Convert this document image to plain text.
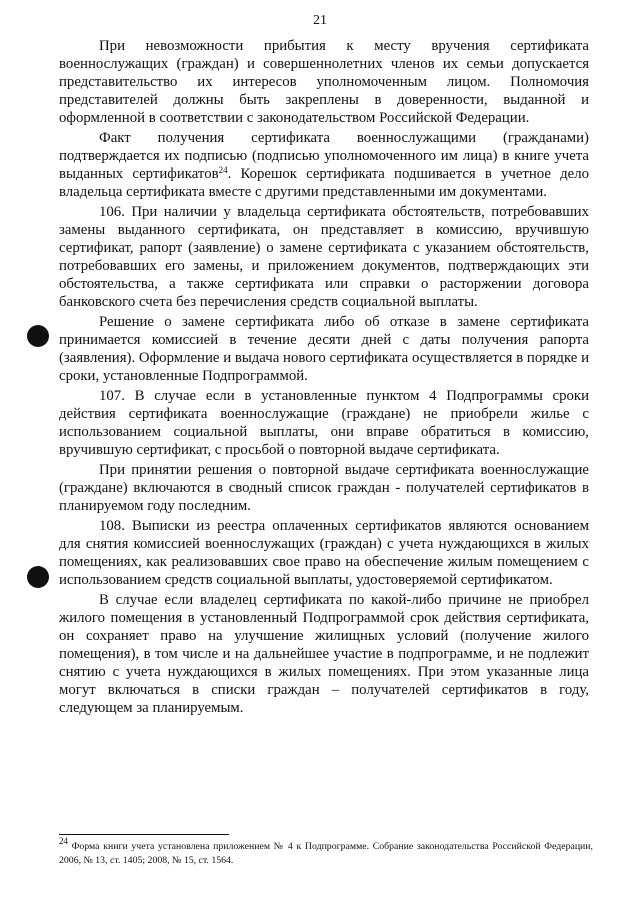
21

При невозможности прибытия к месту вручения сертификата военнослужащих (граждан) и совершеннолетних членов их семьи допускается представительство их интересов уполномоченным лицом. Полномочия представителей должны быть закреплены в доверенности, выданной и оформленной в соответствии с законодательством Российской Федерации.

Факт получения сертификата военнослужащими (гражданами) подтверждается их подписью (подписью уполномоченного им лица) в книге учета выданных сертификатов$^{24}$. Корешок сертификата подшивается в учетное дело владельца сертификата вместе с другими представленными им документами.

106. При наличии у владельца сертификата обстоятельств, потребовавших замены выданного сертификата, он представляет в комиссию, вручившую сертификат, рапорт (заявление) о замене сертификата с указанием обстоятельств, потребовавших его замены, и приложением документов, подтверждающих эти обстоятельства, а также сертификата или справки о расторжении договора банковского счета без перечисления средств социальной выплаты.

Решение о замене сертификата либо об отказе в замене сертификата принимается комиссией в течение десяти дней с даты получения рапорта (заявления). Оформление и выдача нового сертификата осуществляется в порядке и сроки, установленные Подпрограммой.

107. В случае если в установленные пунктом 4 Подпрограммы сроки действия сертификата военнослужащие (граждане) не приобрели жилье с использованием социальной выплаты, они вправе обратиться в комиссию, вручившую сертификат, с просьбой о повторной выдаче сертификата.

При принятии решения о повторной выдаче сертификата военнослужащие (граждане) включаются в сводный список граждан - получателей сертификатов в планируемом году последним.

108. Выписки из реестра оплаченных сертификатов являются основанием для снятия комиссией военнослужащих (граждан) с учета нуждающихся в жилых помещениях, как реализовавших свое право на обеспечение жилым помещением с использованием средств социальной выплаты, удостоверяемой сертификатом.

В случае если владелец сертификата по какой-либо причине не приобрел жилого помещения в установленный Подпрограммой срок действия сертификата, он сохраняет право на улучшение жилищных условий (получение жилого помещения), в том числе и на дальнейшее участие в подпрограмме, и не подлежит снятию с учета нуждающихся в жилых помещениях. При этом указанные лица могут включаться в списки граждан – получателей сертификатов в году, следующем за планируемым.

$^{24}$ Форма книги учета установлена приложением № 4 к Подпрограмме. Собрание законодательства Российской Федерации, 2006, № 13, ст. 1405; 2008, № 15, ст. 1564.
